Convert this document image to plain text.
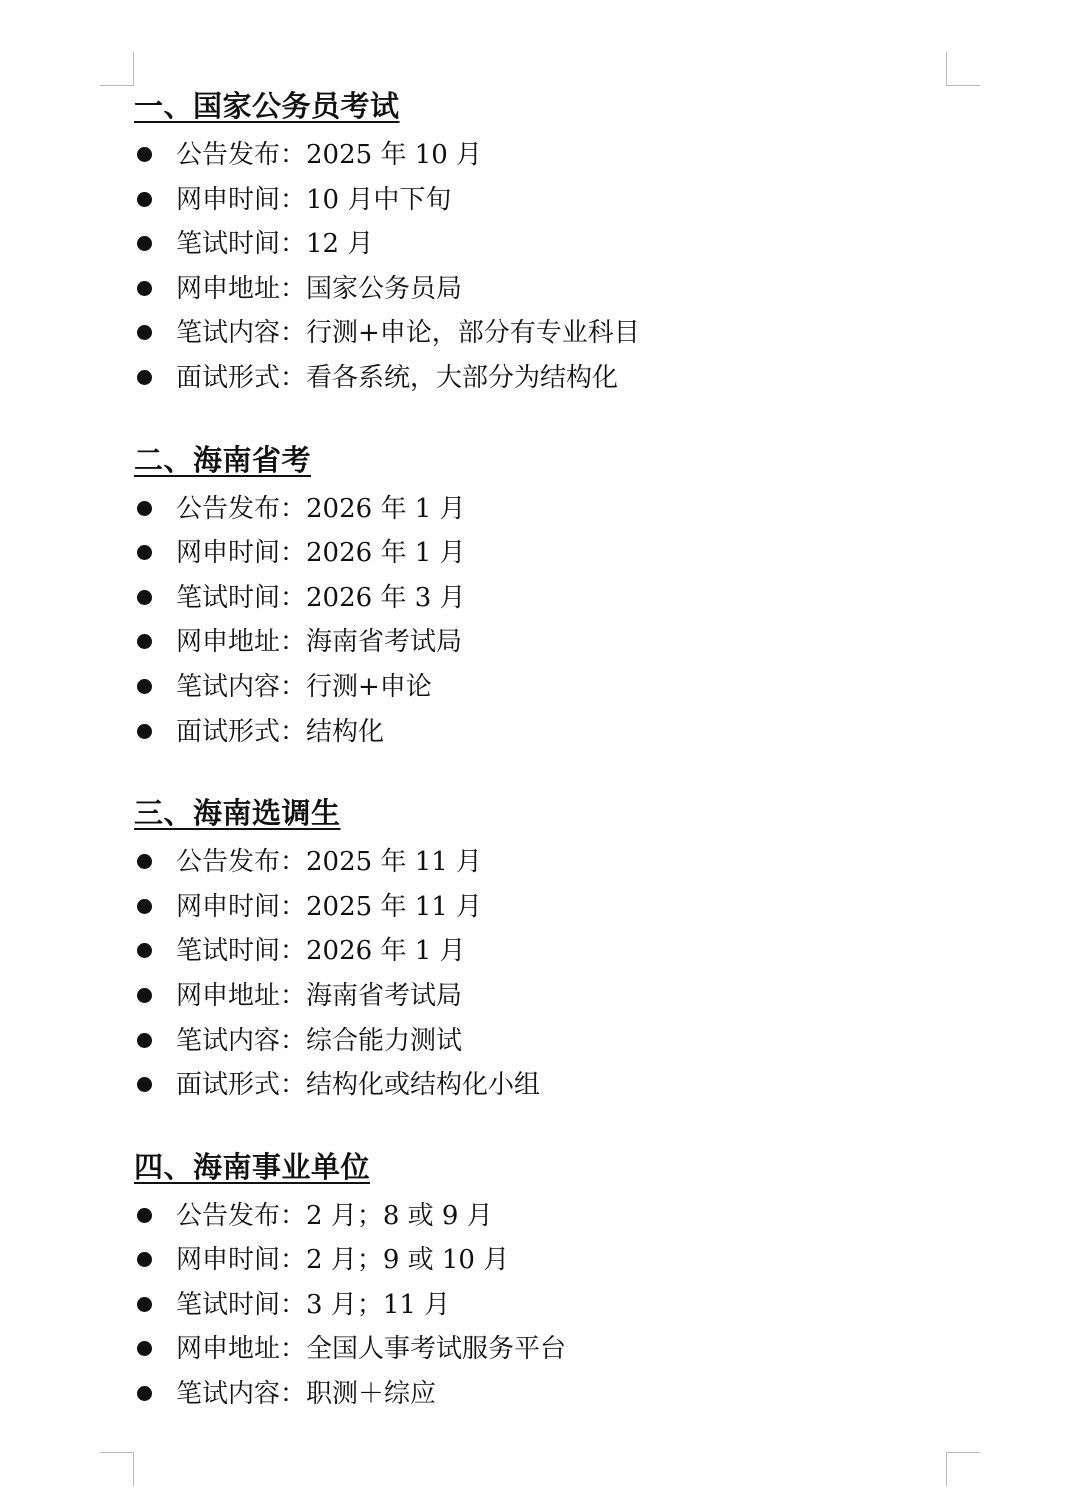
一、国家公务员考试
公告发布：2025 年 10 月
网申时间：10 月中下旬
笔试时间：12 月
网申地址：国家公务员局
笔试内容：行测+申论，部分有专业科目
面试形式：看各系统，大部分为结构化
二、海南省考
公告发布：2026 年 1 月
网申时间：2026 年 1 月
笔试时间：2026 年 3 月
网申地址：海南省考试局
笔试内容：行测+申论
面试形式：结构化
三、海南选调生
公告发布：2025 年 11 月
网申时间：2025 年 11 月
笔试时间：2026 年 1 月
网申地址：海南省考试局
笔试内容：综合能力测试
面试形式：结构化或结构化小组
四、海南事业单位
公告发布：2 月；8 或 9 月
网申时间：2 月；9 或 10 月
笔试时间：3 月；11 月
网申地址：全国人事考试服务平台
笔试内容：职测＋综应
